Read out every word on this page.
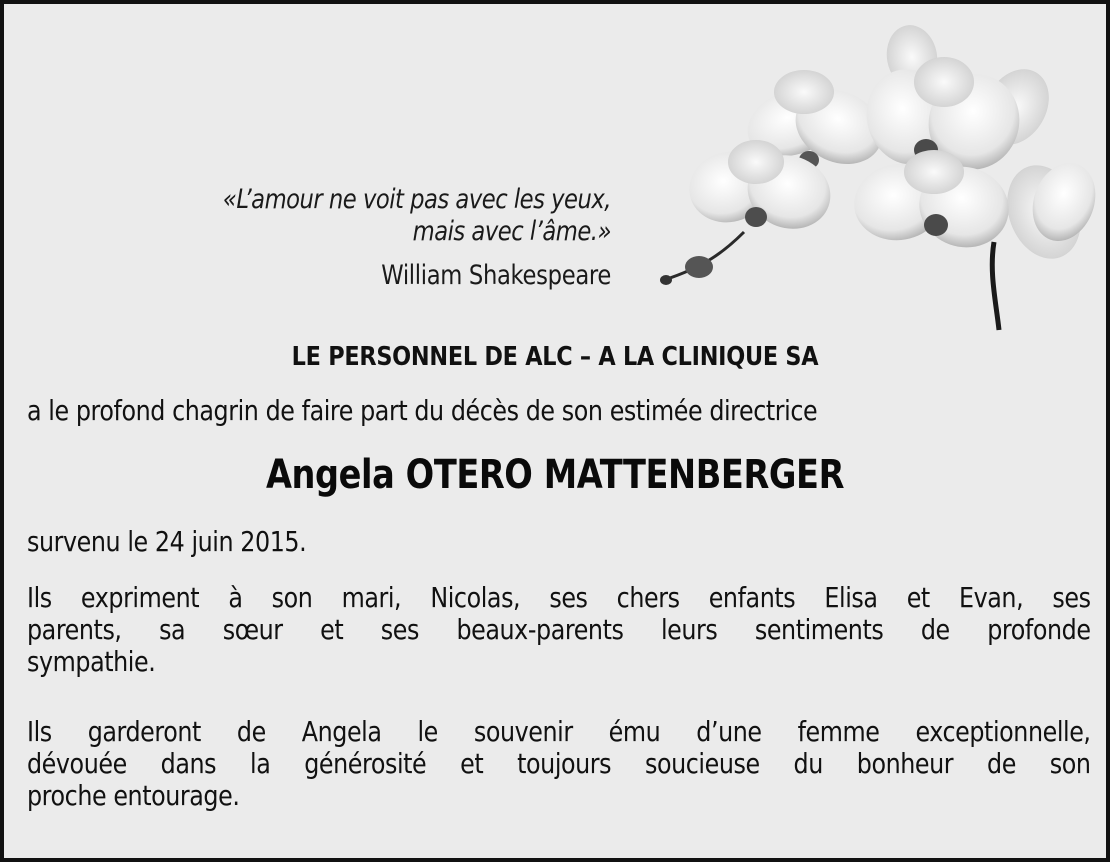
«L’amour ne voit pas avec les yeux,
mais avec l’âme.»
William Shakespeare
LE PERSONNEL DE ALC – A LA CLINIQUE SA
a le profond chagrin de faire part du décès de son estimée directrice
Angela OTERO MATTENBERGER
survenu le 24 juin 2015.
Ils expriment à son mari, Nicolas, ses chers enfants Elisa et Evan, ses
parents, sa sœur et ses beaux-parents leurs sentiments de profonde
sympathie.
Ils garderont de Angela le souvenir ému d’une femme exceptionnelle,
dévouée dans la générosité et toujours soucieuse du bonheur de son
proche entourage.
